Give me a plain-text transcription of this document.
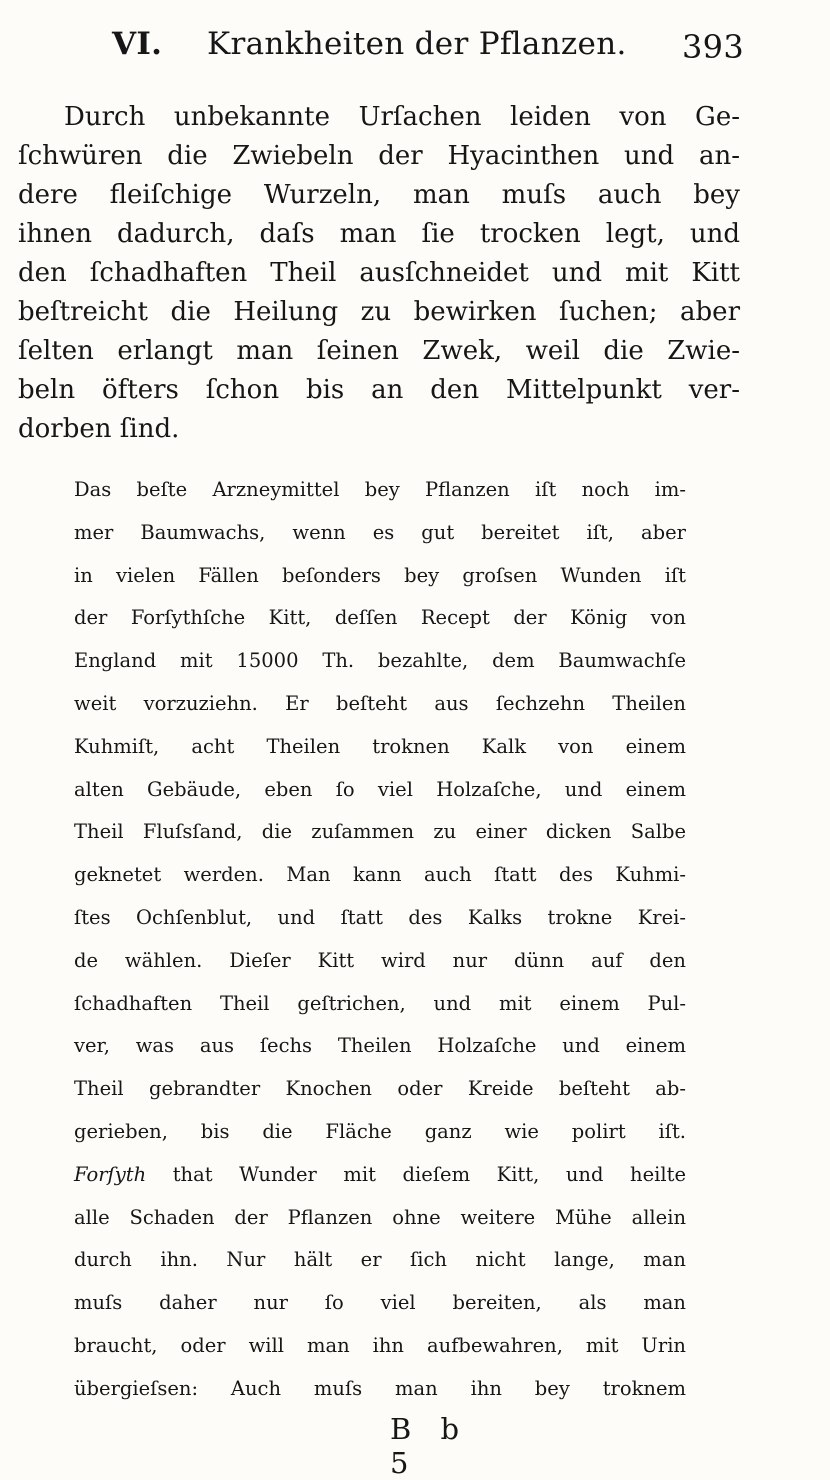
VI. Krankheiten der Pflanzen. 393
Durch unbekannte Urſachen leiden von Ge-
ſchwüren die Zwiebeln der Hyacinthen und an-
dere fleiſchige Wurzeln, man muſs auch bey
ihnen dadurch, daſs man ſie trocken legt, und
den ſchadhaften Theil ausſchneidet und mit Kitt
beſtreicht die Heilung zu bewirken ſuchen; aber
ſelten erlangt man ſeinen Zwek, weil die Zwie-
beln öfters ſchon bis an den Mittelpunkt ver-
dorben ſind.
Das beſte Arzneymittel bey Pflanzen iſt noch im-
mer Baumwachs, wenn es gut bereitet iſt, aber
in vielen Fällen beſonders bey groſsen Wunden iſt
der Forſythſche Kitt, deſſen Recept der König von
England mit 15000 Th. bezahlte, dem Baumwachſe
weit vorzuziehn. Er beſteht aus ſechzehn Theilen
Kuhmiſt, acht Theilen troknen Kalk von einem
alten Gebäude, eben ſo viel Holzaſche, und einem
Theil Fluſsſand, die zuſammen zu einer dicken Salbe
geknetet werden. Man kann auch ſtatt des Kuhmi-
ſtes Ochſenblut, und ſtatt des Kalks trokne Krei-
de wählen. Dieſer Kitt wird nur dünn auf den
ſchadhaften Theil geſtrichen, und mit einem Pul-
ver, was aus ſechs Theilen Holzaſche und einem
Theil gebrandter Knochen oder Kreide beſteht ab-
gerieben, bis die Fläche ganz wie polirt iſt.
Forſyth that Wunder mit dieſem Kitt, und heilte
alle Schaden der Pflanzen ohne weitere Mühe allein
durch ihn. Nur hält er ſich nicht lange, man
muſs daher nur ſo viel bereiten, als man
braucht, oder will man ihn aufbewahren, mit Urin
übergieſsen: Auch muſs man ihn bey troknem
B b 5
